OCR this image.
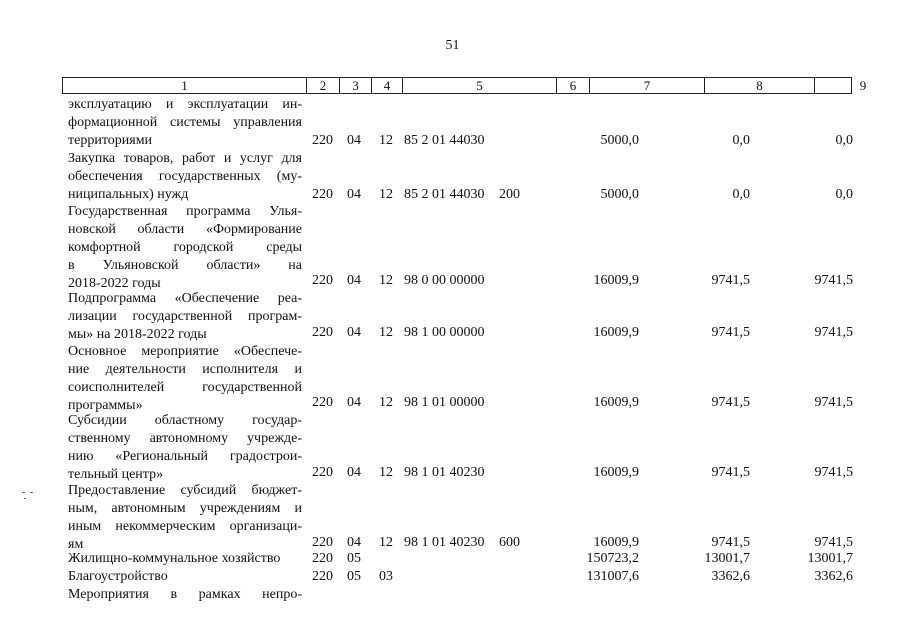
51
1	2	3	4	5	6	7	8	9
эксплуатацию и эксплуатации ин-
формационной системы управления
территориями	220 04 12 85 2 01 44030	5000,0	0,0	0,0
Закупка товаров, работ и услуг для
обеспечения государственных (му-
ниципальных) нужд	220 04 12 85 2 01 44030 200	5000,0	0,0	0,0
Государственная программа Улья-
новской области «Формирование
комфортной городской среды
в Ульяновской области» на
2018-2022 годы	220 04 12 98 0 00 00000	16009,9	9741,5	9741,5
Подпрограмма «Обеспечение реа-
лизации государственной програм-
мы» на 2018-2022 годы	220 04 12 98 1 00 00000	16009,9	9741,5	9741,5
Основное мероприятие «Обеспече-
ние деятельности исполнителя и
соисполнителей государственной
программы»	220 04 12 98 1 01 00000	16009,9	9741,5	9741,5
Субсидии областному государ-
ственному автономному учрежде-
нию «Региональный градострои-
тельный центр»	220 04 12 98 1 01 40230	16009,9	9741,5	9741,5
Предоставление субсидий бюджет-
ным, автономным учреждениям и
иным некоммерческим организаци-
ям	220 04 12 98 1 01 40230 600	16009,9	9741,5	9741,5
Жилищно-коммунальное хозяйство	220 05	150723,2	13001,7	13001,7
Благоустройство	220 05 03	131007,6	3362,6	3362,6
Мероприятия в рамках непро-
